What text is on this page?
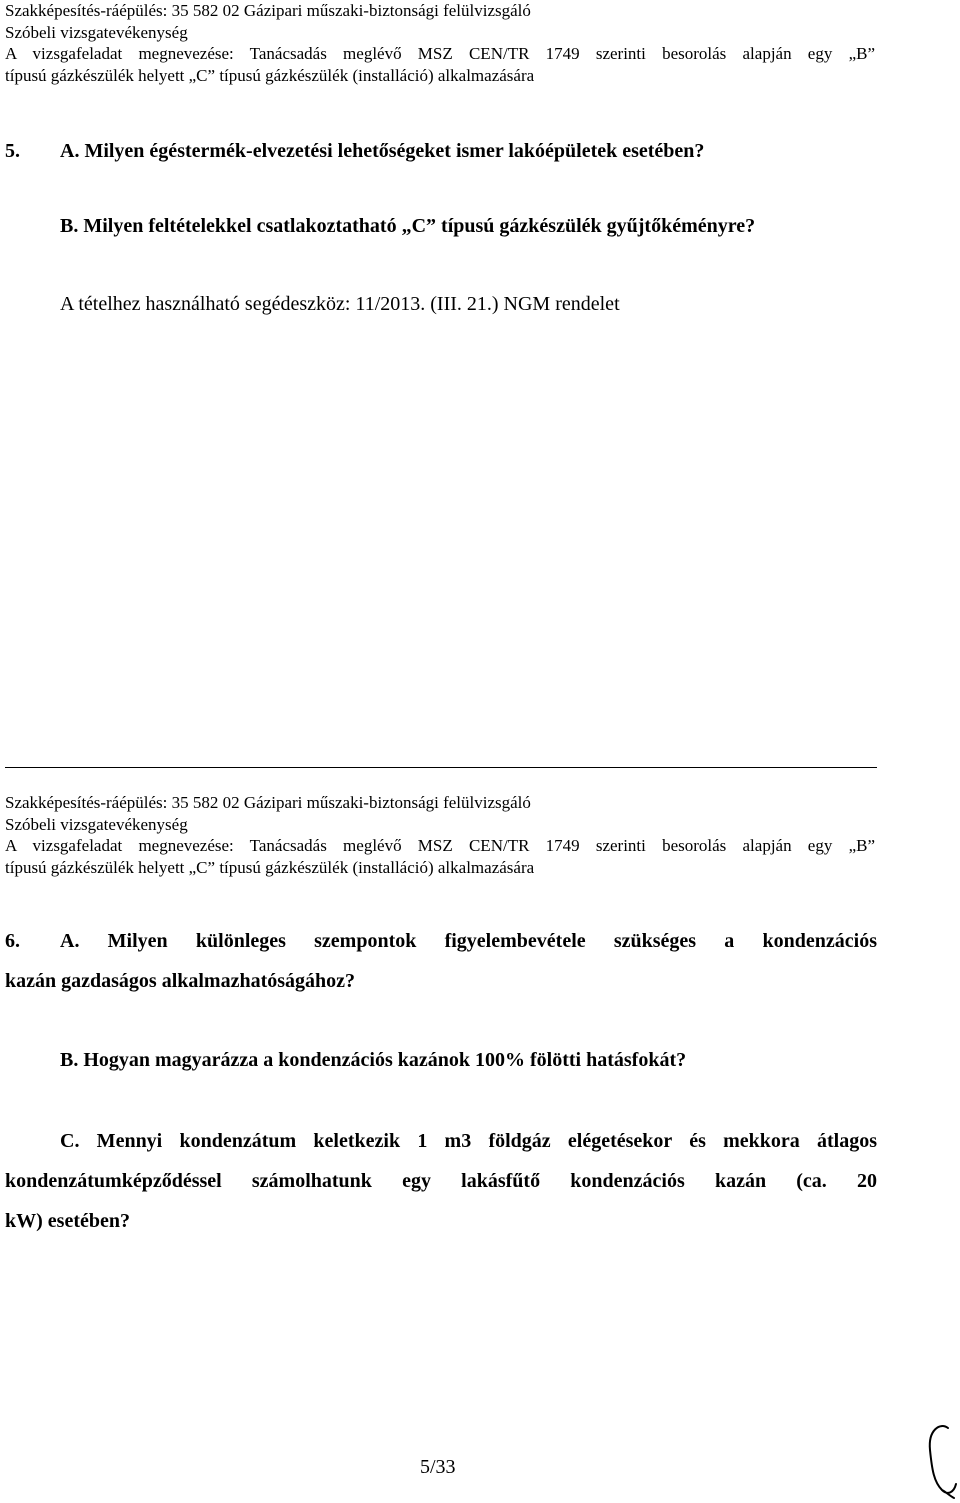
Szakképesítés-ráépülés: 35 582 02 Gázipari műszaki-biztonsági felülvizsgáló
Szóbeli vizsgatevékenység
A vizsgafeladat megnevezése: Tanácsadás meglévő MSZ CEN/TR 1749 szerinti besorolás alapján egy „B”
típusú gázkészülék helyett „C” típusú gázkészülék (installáció) alkalmazására
5. A. Milyen égéstermék-elvezetési lehetőségeket ismer lakóépületek esetében?
B. Milyen feltételekkel csatlakoztatható „C” típusú gázkészülék gyűjtőkéményre?
A tételhez használható segédeszköz: 11/2013. (III. 21.) NGM rendelet
Szakképesítés-ráépülés: 35 582 02 Gázipari műszaki-biztonsági felülvizsgáló
Szóbeli vizsgatevékenység
A vizsgafeladat megnevezése: Tanácsadás meglévő MSZ CEN/TR 1749 szerinti besorolás alapján egy „B”
típusú gázkészülék helyett „C” típusú gázkészülék (installáció) alkalmazására
6. A. Milyen különleges szempontok figyelembevétele szükséges a kondenzációs
kazán gazdaságos alkalmazhatóságához?
B. Hogyan magyarázza a kondenzációs kazánok 100% fölötti hatásfokát?
C. Mennyi kondenzátum keletkezik 1 m3 földgáz elégetésekor és mekkora átlagos
kondenzátumképződéssel számolhatunk egy lakásfűtő kondenzációs kazán (ca. 20
kW) esetében?
5/33
